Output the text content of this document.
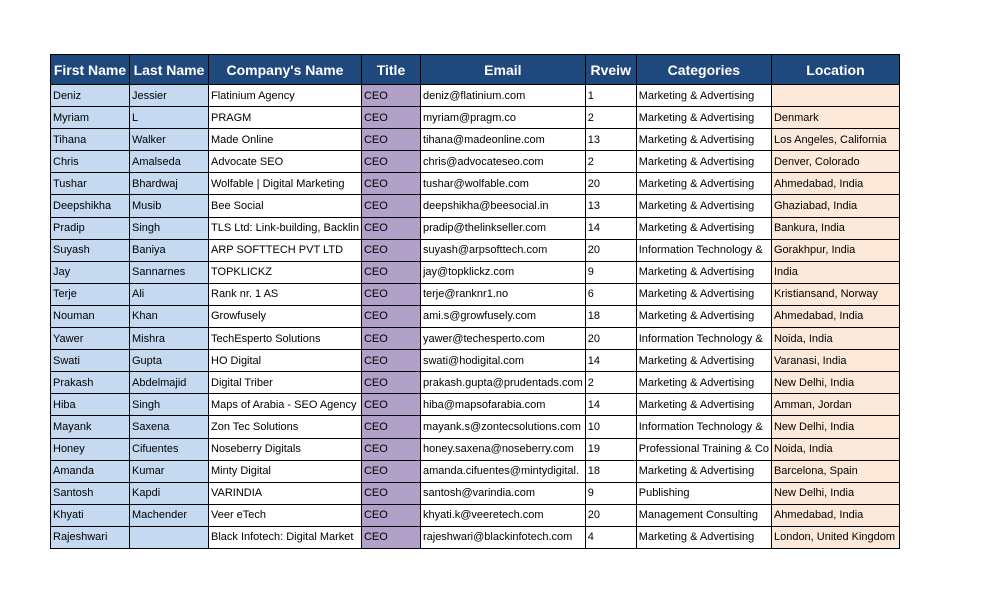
First Name	Last Name	Company's Name	Title	Email	Rveiw	Categories	Location
Deniz	Jessier	Flatinium Agency	CEO	deniz@flatinium.com	1	Marketing & Advertising	
Myriam	L	PRAGM	CEO	myriam@pragm.co	2	Marketing & Advertising	Denmark
Tihana	Walker	Made Online	CEO	tihana@madeonline.com	13	Marketing & Advertising	Los Angeles, California
Chris	Amalseda	Advocate SEO	CEO	chris@advocateseo.com	2	Marketing & Advertising	Denver, Colorado
Tushar	Bhardwaj	Wolfable | Digital Marketing	CEO	tushar@wolfable.com	20	Marketing & Advertising	Ahmedabad, India
Deepshikha	Musib	Bee Social	CEO	deepshikha@beesocial.in	13	Marketing & Advertising	Ghaziabad, India
Pradip	Singh	TLS Ltd: Link-building, Backlin	CEO	pradip@thelinkseller.com	14	Marketing & Advertising	Bankura, India
Suyash	Baniya	ARP SOFTTECH PVT LTD	CEO	suyash@arpsofttech.com	20	Information Technology &	Gorakhpur, India
Jay	Sannarnes	TOPKLICKZ	CEO	jay@topklickz.com	9	Marketing & Advertising	India
Terje	Ali	Rank nr. 1 AS	CEO	terje@ranknr1.no	6	Marketing & Advertising	Kristiansand, Norway
Nouman	Khan	Growfusely	CEO	ami.s@growfusely.com	18	Marketing & Advertising	Ahmedabad, India
Yawer	Mishra	TechEsperto Solutions	CEO	yawer@techesperto.com	20	Information Technology &	Noida, India
Swati	Gupta	HO Digital	CEO	swati@hodigital.com	14	Marketing & Advertising	Varanasi, India
Prakash	Abdelmajid	Digital Triber	CEO	prakash.gupta@prudentads.com	2	Marketing & Advertising	New Delhi, India
Hiba	Singh	Maps of Arabia - SEO Agency	CEO	hiba@mapsofarabia.com	14	Marketing & Advertising	Amman, Jordan
Mayank	Saxena	Zon Tec Solutions	CEO	mayank.s@zontecsolutions.com	10	Information Technology &	New Delhi, India
Honey	Cifuentes	Noseberry Digitals	CEO	honey.saxena@noseberry.com	19	Professional Training & Co	Noida, India
Amanda	Kumar	Minty Digital	CEO	amanda.cifuentes@mintydigital.	18	Marketing & Advertising	Barcelona, Spain
Santosh	Kapdi	VARINDIA	CEO	santosh@varindia.com	9	Publishing	New Delhi, India
Khyati	Machender	Veer eTech	CEO	khyati.k@veeretech.com	20	Management Consulting	Ahmedabad, India
Rajeshwari		Black Infotech: Digital Market	CEO	rajeshwari@blackinfotech.com	4	Marketing & Advertising	London, United Kingdom
